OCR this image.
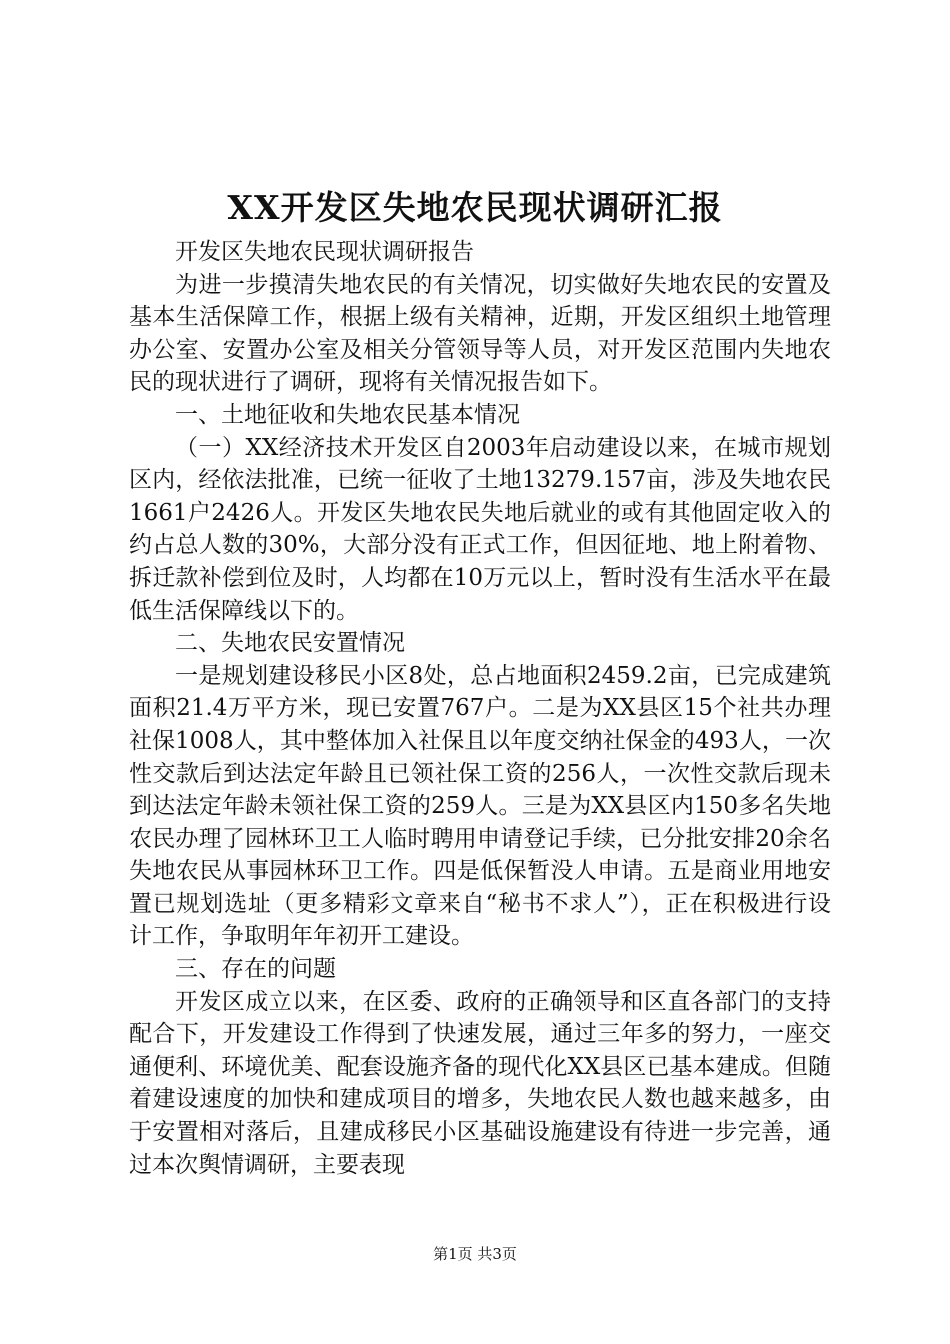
XX开发区失地农民现状调研汇报

开发区失地农民现状调研报告

为进一步摸清失地农民的有关情况，切实做好失地农民的安置及基本生活保障工作，根据上级有关精神，近期，开发区组织土地管理办公室、安置办公室及相关分管领导等人员，对开发区范围内失地农民的现状进行了调研，现将有关情况报告如下。

一、土地征收和失地农民基本情况

（一）XX经济技术开发区自2003年启动建设以来，在城市规划区内，经依法批准，已统一征收了土地13279.157亩，涉及失地农民1661户2426人。开发区失地农民失地后就业的或有其他固定收入的约占总人数的30%，大部分没有正式工作，但因征地、地上附着物、拆迁款补偿到位及时，人均都在10万元以上，暂时没有生活水平在最低生活保障线以下的。

二、失地农民安置情况

一是规划建设移民小区8处，总占地面积2459.2亩，已完成建筑面积21.4万平方米，现已安置767户。二是为XX县区15个社共办理社保1008人，其中整体加入社保且以年度交纳社保金的493人，一次性交款后到达法定年龄且已领社保工资的256人，一次性交款后现未到达法定年龄未领社保工资的259人。三是为XX县区内150多名失地农民办理了园林环卫工人临时聘用申请登记手续，已分批安排20余名失地农民从事园林环卫工作。四是低保暂没人申请。五是商业用地安置已规划选址（更多精彩文章来自“秘书不求人”），正在积极进行设计工作，争取明年年初开工建设。

三、存在的问题

开发区成立以来，在区委、政府的正确领导和区直各部门的支持配合下，开发建设工作得到了快速发展，通过三年多的努力，一座交通便利、环境优美、配套设施齐备的现代化XX县区已基本建成。但随着建设速度的加快和建成项目的增多，失地农民人数也越来越多，由于安置相对落后，且建成移民小区基础设施建设有待进一步完善，通过本次舆情调研，主要表现

第1页 共3页
